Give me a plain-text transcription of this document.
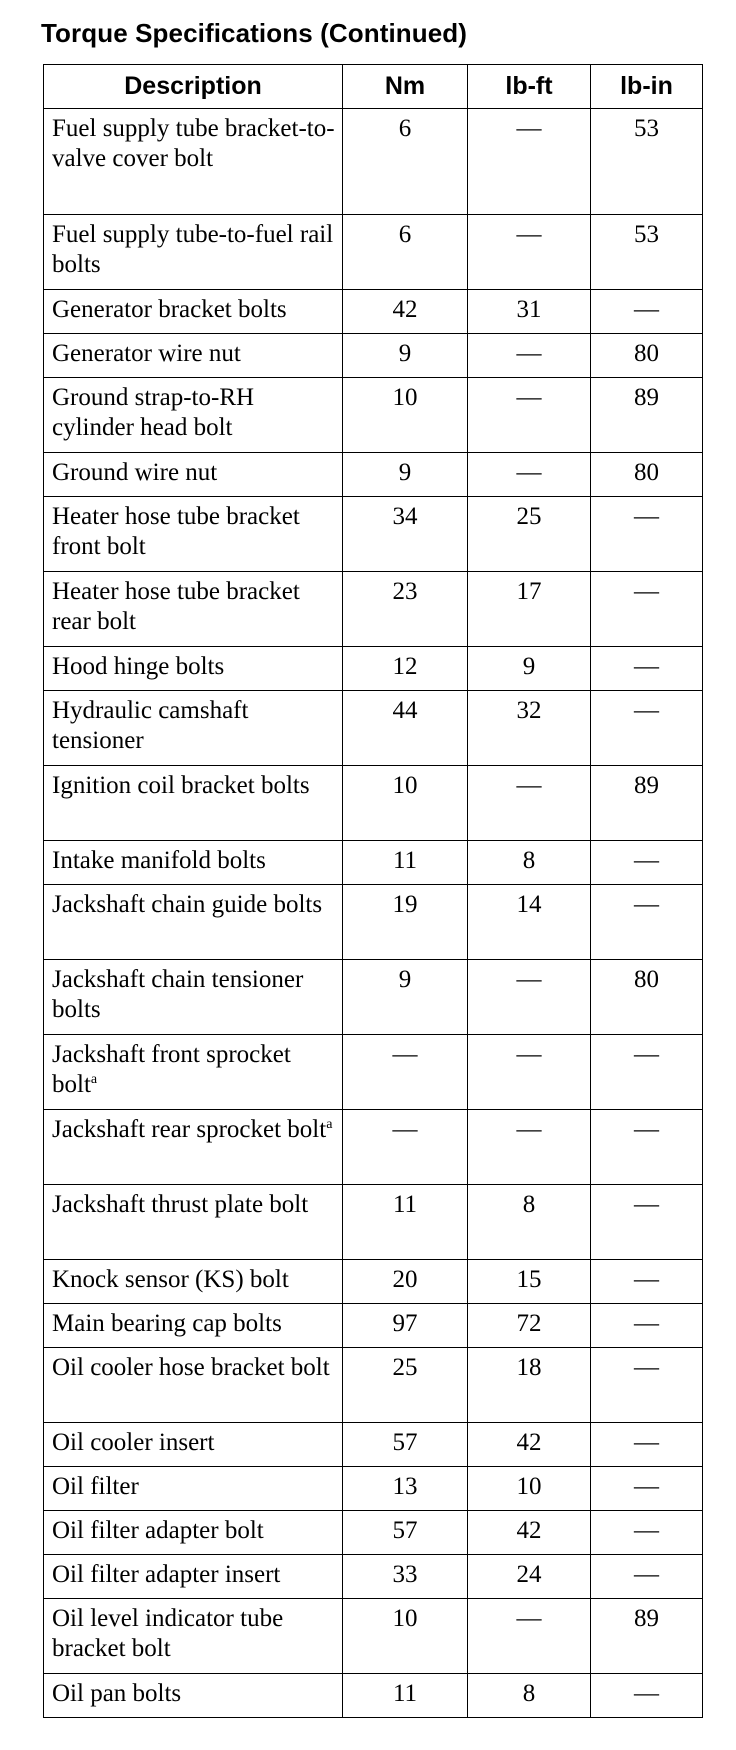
Torque Specifications (Continued)
Description	Nm	lb-ft	lb-in
Fuel supply tube bracket-to-valve cover bolt	6	—	53
Fuel supply tube-to-fuel rail bolts	6	—	53
Generator bracket bolts	42	31	—
Generator wire nut	9	—	80
Ground strap-to-RH cylinder head bolt	10	—	89
Ground wire nut	9	—	80
Heater hose tube bracket front bolt	34	25	—
Heater hose tube bracket rear bolt	23	17	—
Hood hinge bolts	12	9	—
Hydraulic camshaft tensioner	44	32	—
Ignition coil bracket bolts	10	—	89
Intake manifold bolts	11	8	—
Jackshaft chain guide bolts	19	14	—
Jackshaft chain tensioner bolts	9	—	80
Jackshaft front sprocket bolt$^a$	—	—	—
Jackshaft rear sprocket bolt$^a$	—	—	—
Jackshaft thrust plate bolt	11	8	—
Knock sensor (KS) bolt	20	15	—
Main bearing cap bolts	97	72	—
Oil cooler hose bracket bolt	25	18	—
Oil cooler insert	57	42	—
Oil filter	13	10	—
Oil filter adapter bolt	57	42	—
Oil filter adapter insert	33	24	—
Oil level indicator tube bracket bolt	10	—	89
Oil pan bolts	11	8	—
